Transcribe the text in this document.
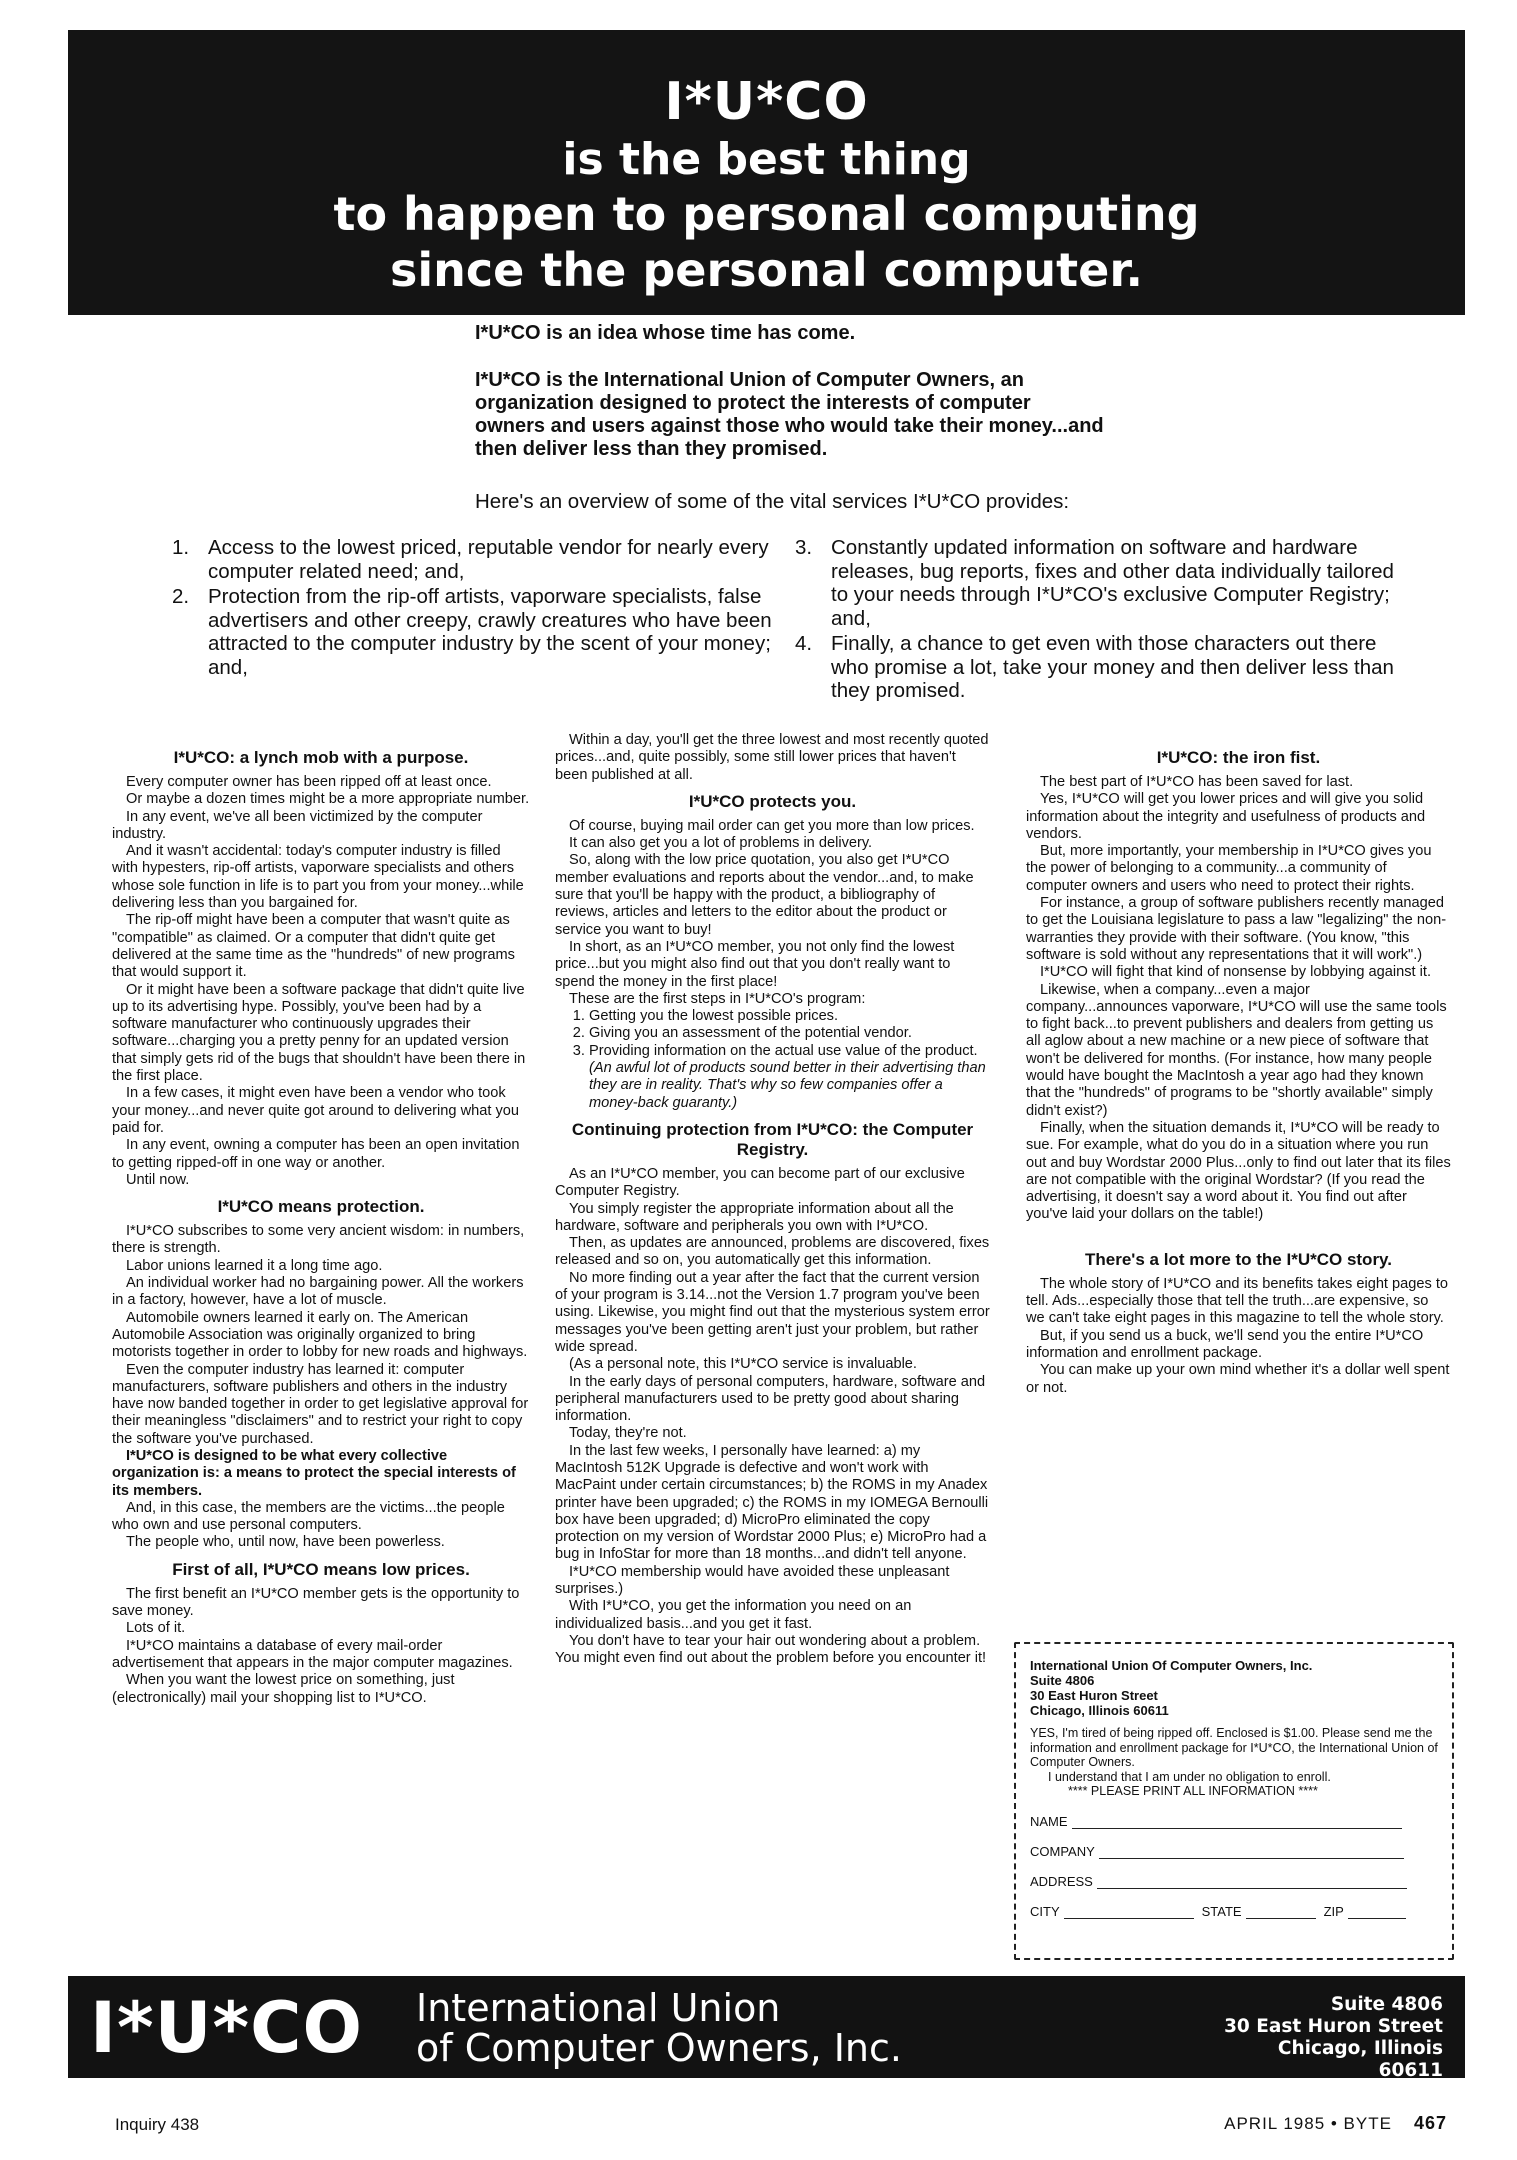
I*U*CO
is the best thing
to happen to personal computing
since the personal computer.

I*U*CO is an idea whose time has come.

I*U*CO is the International Union of Computer Owners, an organization designed to protect the interests of computer owners and users against those who would take their money...and then deliver less than they promised.

Here's an overview of some of the vital services I*U*CO provides:
1. Access to the lowest priced, reputable vendor for nearly every computer related need; and,
2. Protection from the rip-off artists, vaporware specialists, false advertisers and other creepy, crawly creatures who have been attracted to the computer industry by the scent of your money; and,
3. Constantly updated information on software and hardware releases, bug reports, fixes and other data individually tailored to your needs through I*U*CO's exclusive Computer Registry; and,
4. Finally, a chance to get even with those characters out there who promise a lot, take your money and then deliver less than they promised.
I*U*CO: a lynch mob with a purpose.

Every computer owner has been ripped off at least once.

Or maybe a dozen times might be a more appropriate number.

In any event, we've all been victimized by the computer industry.

And it wasn't accidental: today's computer industry is filled with hypesters, rip-off artists, vaporware specialists and others whose sole function in life is to part you from your money...while delivering less than you bargained for.

The rip-off might have been a computer that wasn't quite as "compatible" as claimed. Or a computer that didn't quite get delivered at the same time as the "hundreds" of new programs that would support it.

Or it might have been a software package that didn't quite live up to its advertising hype. Possibly, you've been had by a software manufacturer who continuously upgrades their software...charging you a pretty penny for an updated version that simply gets rid of the bugs that shouldn't have been there in the first place.

In a few cases, it might even have been a vendor who took your money...and never quite got around to delivering what you paid for.

In any event, owning a computer has been an open invitation to getting ripped-off in one way or another.

Until now.

I*U*CO means protection.

I*U*CO subscribes to some very ancient wisdom: in numbers, there is strength.

Labor unions learned it a long time ago.

An individual worker had no bargaining power. All the workers in a factory, however, have a lot of muscle.

Automobile owners learned it early on. The American Automobile Association was originally organized to bring motorists together in order to lobby for new roads and highways.

Even the computer industry has learned it: computer manufacturers, software publishers and others in the industry have now banded together in order to get legislative approval for their meaningless "disclaimers" and to restrict your right to copy the software you've purchased.

I*U*CO is designed to be what every collective organization is: a means to protect the special interests of its members.

And, in this case, the members are the victims...the people who own and use personal computers.

The people who, until now, have been powerless.

First of all, I*U*CO means low prices.

The first benefit an I*U*CO member gets is the opportunity to save money.

Lots of it.

I*U*CO maintains a database of every mail-order advertisement that appears in the major computer magazines.

When you want the lowest price on something, just (electronically) mail your shopping list to I*U*CO.

Within a day, you'll get the three lowest and most recently quoted prices...and, quite possibly, some still lower prices that haven't been published at all.

I*U*CO protects you.

Of course, buying mail order can get you more than low prices.

It can also get you a lot of problems in delivery.

So, along with the low price quotation, you also get I*U*CO member evaluations and reports about the vendor...and, to make sure that you'll be happy with the product, a bibliography of reviews, articles and letters to the editor about the product or service you want to buy!

In short, as an I*U*CO member, you not only find the lowest price...but you might also find out that you don't really want to spend the money in the first place!

These are the first steps in I*U*CO's program:

1. Getting you the lowest possible prices.
2. Giving you an assessment of the potential vendor.
3. Providing information on the actual use value of the product. (An awful lot of products sound better in their advertising than they are in reality. That's why so few companies offer a money-back guaranty.)
Continuing protection from I*U*CO: the Computer Registry.

As an I*U*CO member, you can become part of our exclusive Computer Registry.

You simply register the appropriate information about all the hardware, software and peripherals you own with I*U*CO.

Then, as updates are announced, problems are discovered, fixes released and so on, you automatically get this information.

No more finding out a year after the fact that the current version of your program is 3.14...not the Version 1.7 program you've been using. Likewise, you might find out that the mysterious system error messages you've been getting aren't just your problem, but rather wide spread.

(As a personal note, this I*U*CO service is invaluable.

In the early days of personal computers, hardware, software and peripheral manufacturers used to be pretty good about sharing information.

Today, they're not.

In the last few weeks, I personally have learned: a) my MacIntosh 512K Upgrade is defective and won't work with MacPaint under certain circumstances; b) the ROMS in my Anadex printer have been upgraded; c) the ROMS in my IOMEGA Bernoulli box have been upgraded; d) MicroPro eliminated the copy protection on my version of Wordstar 2000 Plus; e) MicroPro had a bug in InfoStar for more than 18 months...and didn't tell anyone.

I*U*CO membership would have avoided these unpleasant surprises.)

With I*U*CO, you get the information you need on an individualized basis...and you get it fast.

You don't have to tear your hair out wondering about a problem. You might even find out about the problem before you encounter it!

I*U*CO: the iron fist.

The best part of I*U*CO has been saved for last.

Yes, I*U*CO will get you lower prices and will give you solid information about the integrity and usefulness of products and vendors.

But, more importantly, your membership in I*U*CO gives you the power of belonging to a community...a community of computer owners and users who need to protect their rights.

For instance, a group of software publishers recently managed to get the Louisiana legislature to pass a law "legalizing" the non-warranties they provide with their software. (You know, "this software is sold without any representations that it will work".)

I*U*CO will fight that kind of nonsense by lobbying against it.

Likewise, when a company...even a major company...announces vaporware, I*U*CO will use the same tools to fight back...to prevent publishers and dealers from getting us all aglow about a new machine or a new piece of software that won't be delivered for months. (For instance, how many people would have bought the MacIntosh a year ago had they known that the "hundreds" of programs to be "shortly available" simply didn't exist?)

Finally, when the situation demands it, I*U*CO will be ready to sue. For example, what do you do in a situation where you run out and buy Wordstar 2000 Plus...only to find out later that its files are not compatible with the original Wordstar? (If you read the advertising, it doesn't say a word about it. You find out after you've laid your dollars on the table!)

There's a lot more to the I*U*CO story.

The whole story of I*U*CO and its benefits takes eight pages to tell. Ads...especially those that tell the truth...are expensive, so we can't take eight pages in this magazine to tell the whole story.

But, if you send us a buck, we'll send you the entire I*U*CO information and enrollment package.

You can make up your own mind whether it's a dollar well spent or not.

International Union Of Computer Owners, Inc.
Suite 4806
30 East Huron Street
Chicago, Illinois 60611
YES, I'm tired of being ripped off. Enclosed is $1.00. Please send me the information and enrollment package for I*U*CO, the International Union of Computer Owners.
I understand that I am under no obligation to enroll.
**** PLEASE PRINT ALL INFORMATION ****
NAME
COMPANY
ADDRESS
CITY	STATE	ZIP
I*U*CO International Union
of Computer Owners, Inc.
Suite 4806
30 East Huron Street
Chicago, Illinois 60611
Inquiry 438	APRIL 1985 • BYTE 467
